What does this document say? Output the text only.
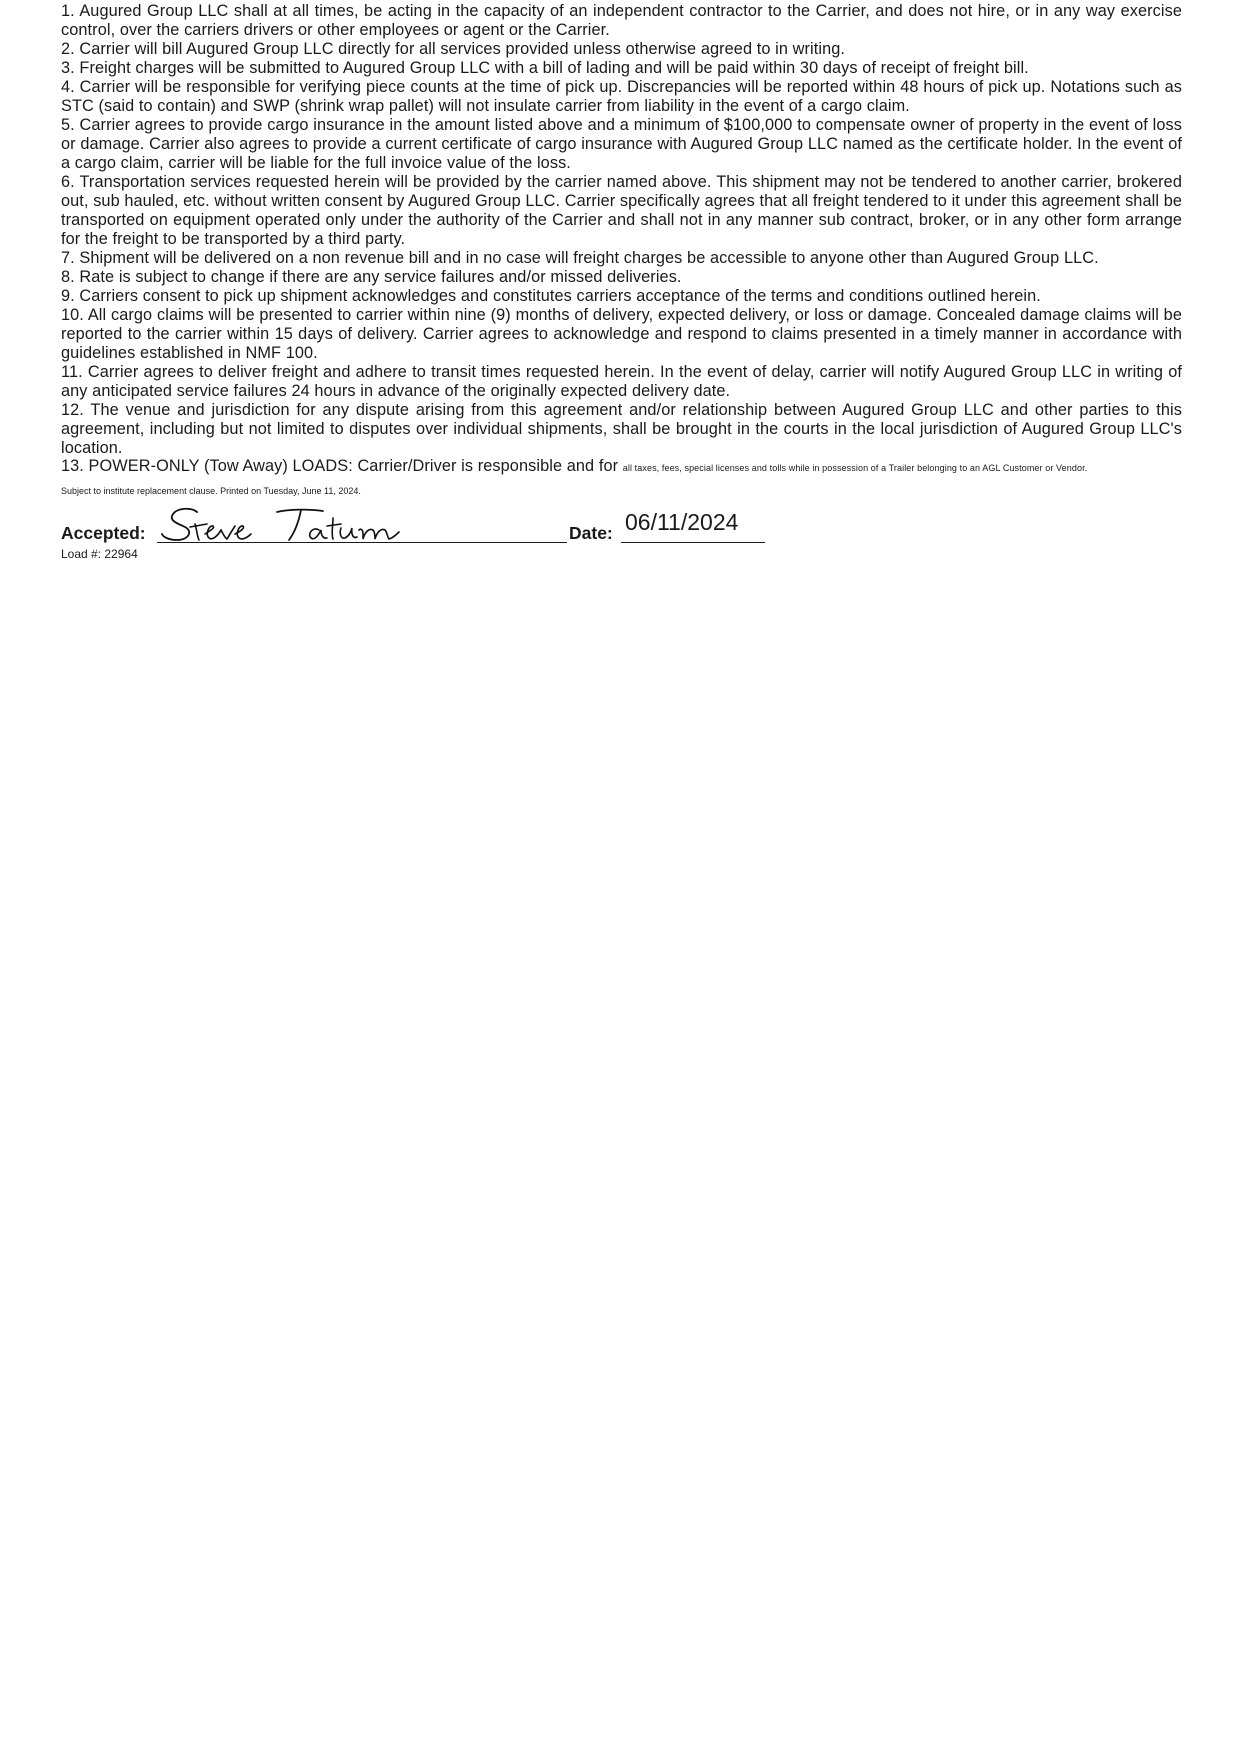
1. Augured Group LLC shall at all times, be acting in the capacity of an independent contractor to the Carrier, and does not hire, or in any way exercise control, over the carriers drivers or other employees or agent or the Carrier.

2. Carrier will bill Augured Group LLC directly for all services provided unless otherwise agreed to in writing.

3. Freight charges will be submitted to Augured Group LLC with a bill of lading and will be paid within 30 days of receipt of freight bill.

4. Carrier will be responsible for verifying piece counts at the time of pick up. Discrepancies will be reported within 48 hours of pick up. Notations such as STC (said to contain) and SWP (shrink wrap pallet) will not insulate carrier from liability in the event of a cargo claim.

5. Carrier agrees to provide cargo insurance in the amount listed above and a minimum of $100,000 to compensate owner of property in the event of loss or damage. Carrier also agrees to provide a current certificate of cargo insurance with Augured Group LLC named as the certificate holder. In the event of a cargo claim, carrier will be liable for the full invoice value of the loss.

6. Transportation services requested herein will be provided by the carrier named above. This shipment may not be tendered to another carrier, brokered out, sub hauled, etc. without written consent by Augured Group LLC. Carrier specifically agrees that all freight tendered to it under this agreement shall be transported on equipment operated only under the authority of the Carrier and shall not in any manner sub contract, broker, or in any other form arrange for the freight to be transported by a third party.

7. Shipment will be delivered on a non revenue bill and in no case will freight charges be accessible to anyone other than Augured Group LLC.

8. Rate is subject to change if there are any service failures and/or missed deliveries.

9. Carriers consent to pick up shipment acknowledges and constitutes carriers acceptance of the terms and conditions outlined herein.

10. All cargo claims will be presented to carrier within nine (9) months of delivery, expected delivery, or loss or damage. Concealed damage claims will be reported to the carrier within 15 days of delivery. Carrier agrees to acknowledge and respond to claims presented in a timely manner in accordance with guidelines established in NMF 100.

11. Carrier agrees to deliver freight and adhere to transit times requested herein. In the event of delay, carrier will notify Augured Group LLC in writing of any anticipated service failures 24 hours in advance of the originally expected delivery date.

12. The venue and jurisdiction for any dispute arising from this agreement and/or relationship between Augured Group LLC and other parties to this agreement, including but not limited to disputes over individual shipments, shall be brought in the courts in the local jurisdiction of Augured Group LLC's location.

13. POWER-ONLY (Tow Away) LOADS: Carrier/Driver is responsible and for all taxes, fees, special licenses and tolls while in possession of a Trailer belonging to an AGL Customer or Vendor.

Subject to institute replacement clause. Printed on Tuesday, June 11, 2024.

Accepted:	Date: 06/11/2024

Load #: 22964
